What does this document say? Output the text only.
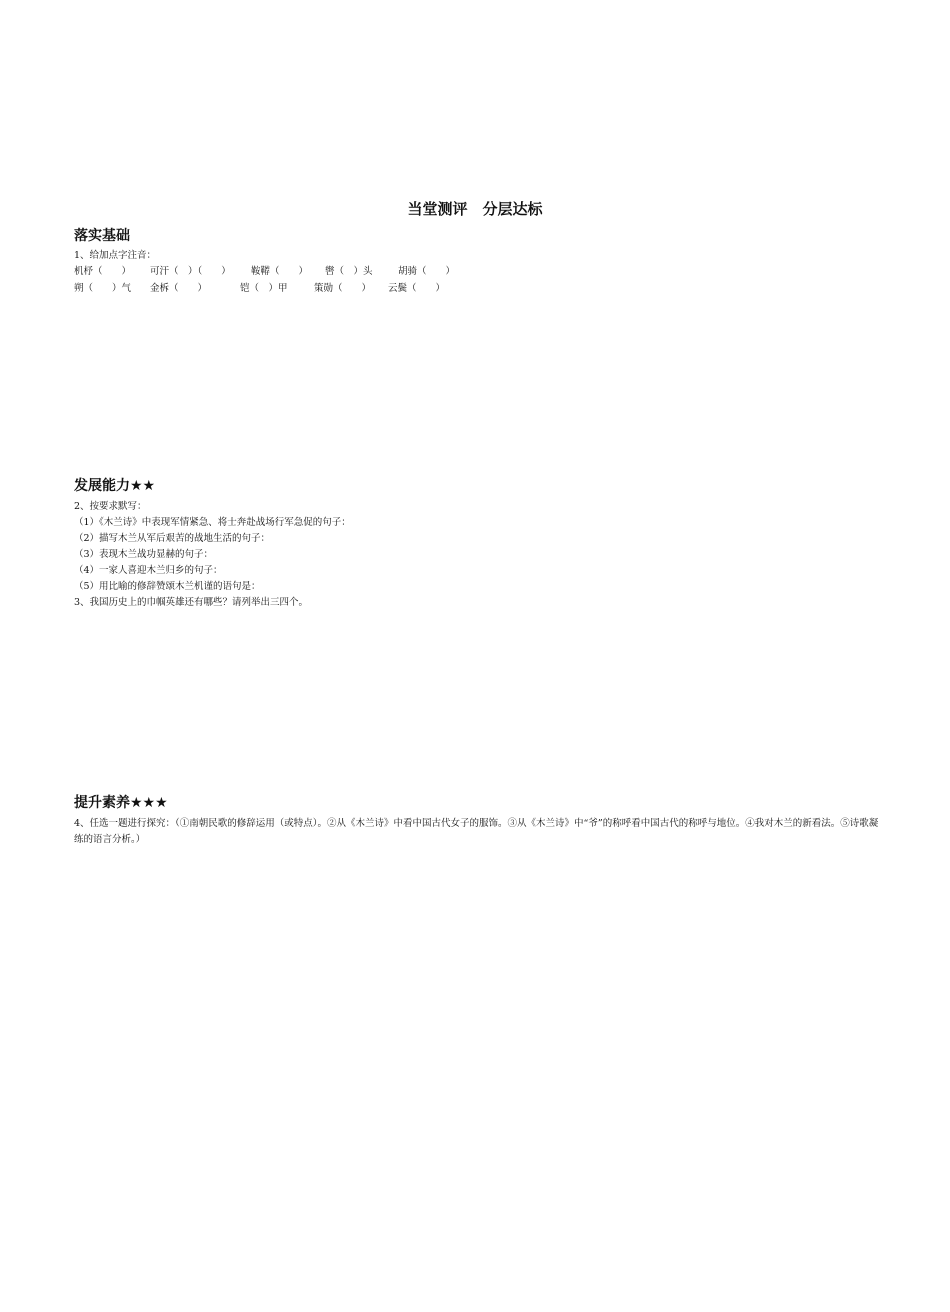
当堂测评　分层达标
落实基础
1、给加点字注音：
机杼（　　） 可汗（　）（　　） 鞍鞯（　　） 辔（　）头	胡骑（　　）
朔（　　）气 金柝（　　）	铠（　）甲	策勋（　　） 云鬓（　　）
发展能力★★
2、按要求默写：
（1）《木兰诗》中表现军情紧急、将士奔赴战场行军急促的句子：
（2）描写木兰从军后艰苦的战地生活的句子：
（3）表现木兰战功显赫的句子：
（4）一家人喜迎木兰归乡的句子：
（5）用比喻的修辞赞颂木兰机谨的语句是：
3、我国历史上的巾帼英雄还有哪些？请列举出三四个。
提升素养★★★
4、任选一题进行探究：（①南朝民歌的修辞运用（或特点）。②从《木兰诗》中看中国古代女子的服饰。③从《木兰诗》中“爷”的称呼看中国古代的称呼与地位。④我对木兰的新看法。⑤诗歌凝练的语言分析。）
